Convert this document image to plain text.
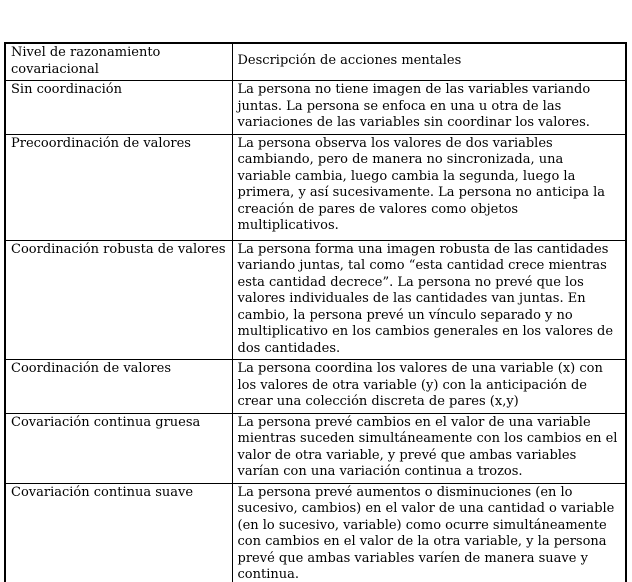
Nivel de razonamiento covariacional	Descripción de acciones mentales
Sin coordinación	La persona no tiene imagen de las variables variando juntas. La persona se enfoca en una u otra de las variaciones de las variables sin coordinar los valores.
Precoordinación de valores	La persona observa los valores de dos variables cambiando, pero de manera no sincronizada, una variable cambia, luego cambia la segunda, luego la primera, y así sucesivamente. La persona no anticipa la creación de pares de valores como objetos multiplicativos.
Coordinación robusta de valores	La persona forma una imagen robusta de las cantidades variando juntas, tal como “esta cantidad crece mientras esta cantidad decrece”. La persona no prevé que los valores individuales de las cantidades van juntas. En cambio, la persona prevé un vínculo separado y no multiplicativo en los cambios generales en los valores de dos cantidades.
Coordinación de valores	La persona coordina los valores de una variable (x) con los valores de otra variable (y) con la anticipación de crear una colección discreta de pares (x,y)
Covariación continua gruesa	La persona prevé cambios en el valor de una variable mientras suceden simultáneamente con los cambios en el valor de otra variable, y prevé que ambas variables varían con una variación continua a trozos.
Covariación continua suave	La persona prevé aumentos o disminuciones (en lo sucesivo, cambios) en el valor de una cantidad o variable (en lo sucesivo, variable) como ocurre simultáneamente con cambios en el valor de la otra variable, y la persona prevé que ambas variables varíen de manera suave y continua.
